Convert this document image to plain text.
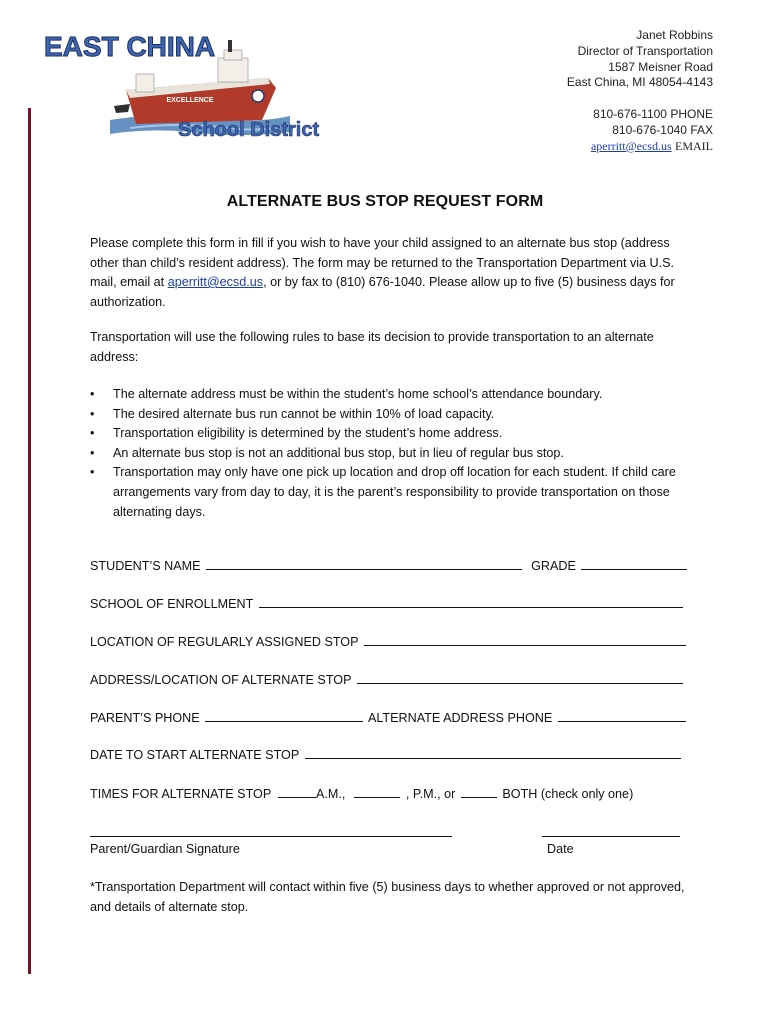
EXCELLENCE
EAST CHINA
School District
Janet Robbins
Director of Transportation
1587 Meisner Road
East China, MI 48054-4143
810-676-1100 PHONE
810-676-1040 FAX
aperritt@ecsd.us EMAIL
ALTERNATE BUS STOP REQUEST FORM
Please complete this form in fill if you wish to have your child assigned to an alternate bus stop (address other than child’s resident address). The form may be returned to the Transportation Department via U.S. mail, email at aperritt@ecsd.us, or by fax to (810) 676-1040. Please allow up to five (5) business days for authorization.
Transportation will use the following rules to base its decision to provide transportation to an alternate address:
• The alternate address must be within the student’s home school’s attendance boundary.
• The desired alternate bus run cannot be within 10% of load capacity.
• Transportation eligibility is determined by the student’s home address.
• An alternate bus stop is not an additional bus stop, but in lieu of regular bus stop.
• Transportation may only have one pick up location and drop off location for each student. If child care arrangements vary from day to day, it is the parent’s responsibility to provide transportation on those alternating days.
STUDENT’S NAME	GRADE
SCHOOL OF ENROLLMENT
LOCATION OF REGULARLY ASSIGNED STOP
ADDRESS/LOCATION OF ALTERNATE STOP
PARENT’S PHONE	ALTERNATE ADDRESS PHONE
DATE TO START ALTERNATE STOP
TIMES FOR ALTERNATE STOP	A.M.,	, P.M., or	BOTH (check only one)
Parent/Guardian Signature	Date
*Transportation Department will contact within five (5) business days to whether approved or not approved, and details of alternate stop.
